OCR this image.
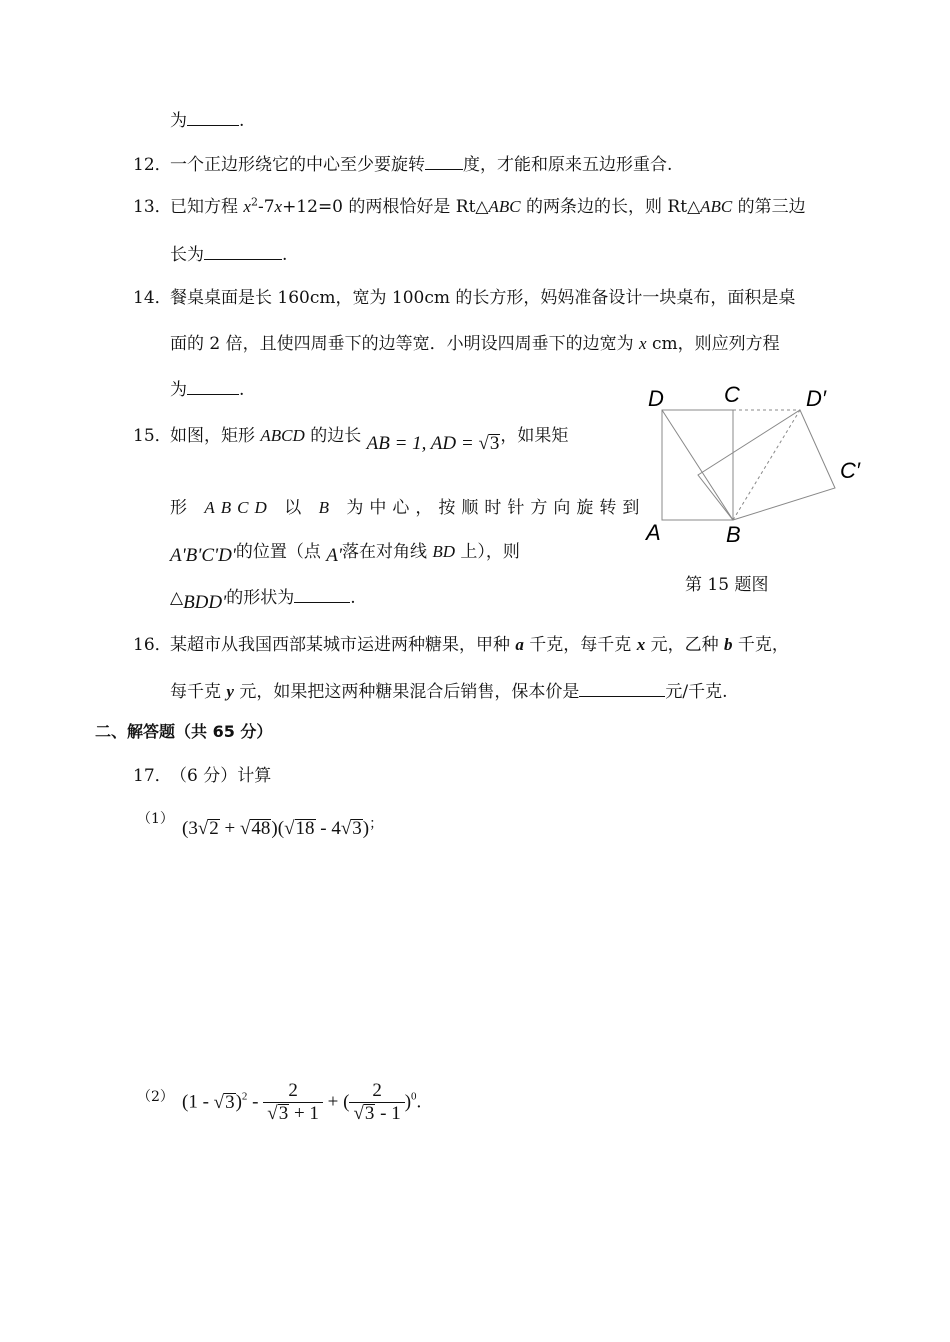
为	.
12．
一个正边形绕它的中心至少要旋转 度，才能和原来五边形重合.
13．
已知方程 $x^2-7x+12=0$ 的两根恰好是 Rt△ABC 的两条边的长，则 Rt△ABC 的第三边
长为	.
14．
餐桌桌面是长 160cm，宽为 100cm 的长方形，妈妈准备设计一块桌布，面积是桌
面的 2 倍，且使四周垂下的边等宽．小明设四周垂下的边宽为 x cm，则应列方程
为	.
15．
如图，矩形 ABCD 的边长 AB = 1, AD = √3，如果矩
形 ABCD 以 B 为中心，按顺时针方向旋转到
A'B'C'D'的位置（点 A'落在对角线 BD 上），则
△BDD'的形状为	.
D	C	D′
C′
A	B
第 15 题图
16．
某超市从我国西部某城市运进两种糖果，甲种 a 千克，每千克 x 元，乙种 b 千克，
每千克 y 元，如果把这两种糖果混合后销售，保本价是	元/千克.
二、解答题（共 65 分）
17．
（6 分）计算
（1） (3√2 + √48)(√18 - 4√3)；
（2） $(1 - √3)^2 - \frac{2}{√3 + 1}$ + ( $\frac{2}{√3 - 1} )^0$.
